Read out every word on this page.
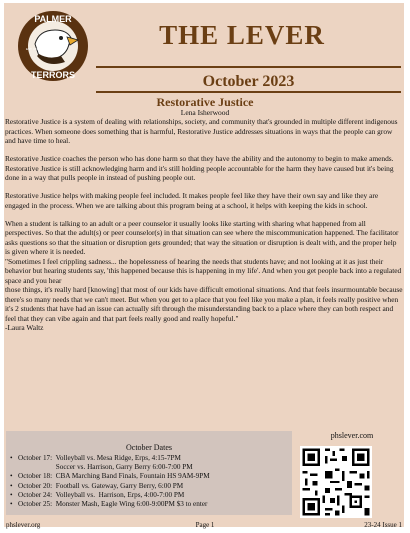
PALMER
TERRORS
EST. 1976	THE LEVER
October 2023
Restorative Justice
Lena Isherwood

Restorative Justice is a system of dealing with relationships, society, and community that's grounded in multiple different indigenous practices. When someone does something that is harmful, Restorative Justice addresses situations in ways that the people can grow and have time to heal.

Restorative Justice coaches the person who has done harm so that they have the ability and the autonomy to begin to make amends. Restorative Justice is still acknowledging harm and it's still holding people accountable for the harm they have caused but it's being done in a way that pulls people in instead of pushing people out.

Restorative Justice helps with making people feel included. It makes people feel like they have their own say and like they are engaged in the process. When we are talking about this program being at a school, it helps with keeping the kids in school.

When a student is talking to an adult or a peer counselor it usually looks like starting with sharing what happened from all perspectives. So that the adult(s) or peer counselor(s) in that situation can see where the miscommunication happened. The facilitator asks questions so that the situation or disruption gets grounded; that way the situation or disruption is dealt with, and the proper help is given where it is needed.
"Sometimes I feel crippling sadness... the hopelessness of hearing the needs that students have; and not looking at it as just their behavior but hearing students say, 'this happened because this is happening in my life'. And when you get people back into a regulated space and you hear
those things, it's really hard [knowing] that most of our kids have difficult emotional situations. And that feels insurmountable because there's so many needs that we can't meet. But when you get to a place that you feel like you make a plan, it feels really positive when it's 2 students that have had an issue can actually sift through the misunderstanding back to a place where they can both respect and feel that they can vibe again and that part feels really good and really hopeful."
-Laura Waltz

October Dates
• October 17:  Volleyball vs. Mesa Ridge, Erps, 4:15-7PM
Soccer vs. Harrison, Garry Berry 6:00-7:00 PM
• October 18:  CBA Marching Band Finals, Fountain HS 9AM-9PM
• October 20:  Football vs. Gateway, Garry Berry, 6:00 PM
• October 24:  Volleyball vs.  Harrison, Erps, 4:00-7:00 PM
• October 25:  Monster Mash, Eagle Wing 6:00-9:00PM $3 to enter
phslever.com
phslever.org	Page 1	23-24 Issue 1
